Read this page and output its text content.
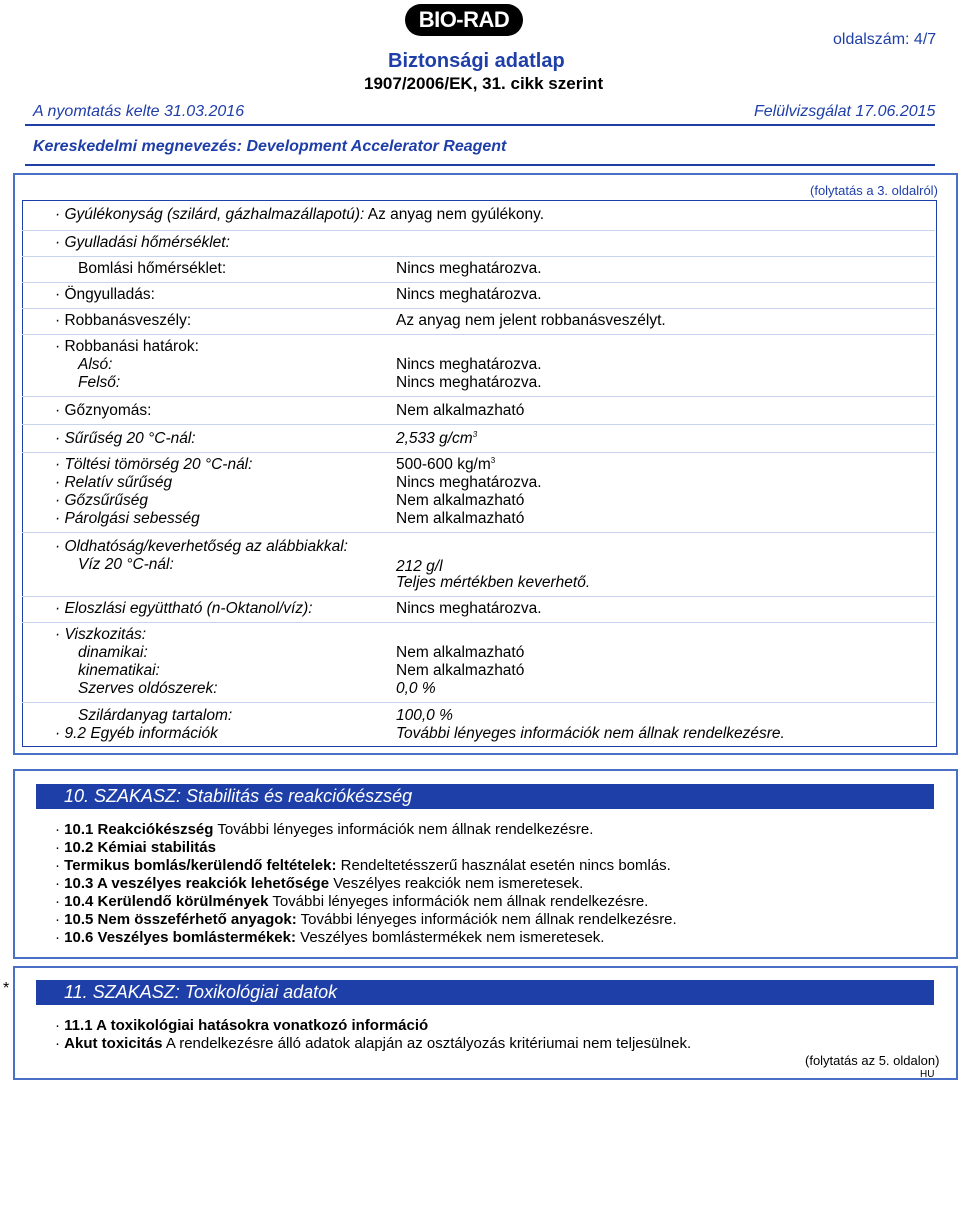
BIO-RAD
oldalszám: 4/7
Biztonsági adatlap
1907/2006/EK, 31. cikk szerint
A nyomtatás kelte 31.03.2016	Felülvizsgálat 17.06.2015
Kereskedelmi megnevezés: Development Accelerator Reagent
(folytatás a 3. oldalról)
· Gyúlékonyság (szilárd, gázhalmazállapotú): Az anyag nem gyúlékony.
· Gyulladási hőmérséklet:
Bomlási hőmérséklet:	Nincs meghatározva.
· Öngyulladás:	Nincs meghatározva.
· Robbanásveszély:	Az anyag nem jelent robbanásveszélyt.
· Robbanási határok:
Alsó:	Nincs meghatározva.
Felső:	Nincs meghatározva.
· Gőznyomás:	Nem alkalmazható
· Sűrűség 20 °C-nál:	2,533 $g/cm^3$
· Töltési tömörség 20 °C-nál:	500-600 $kg/m^3$
· Relatív sűrűség	Nincs meghatározva.
· Gőzsűrűség	Nem alkalmazható
· Párolgási sebesség	Nem alkalmazható
· Oldhatóság/keverhetőség az alábbiakkal:
Víz 20 °C-nál:	212 g/l
Teljes mértékben keverhető.
· Eloszlási együttható (n-Oktanol/víz):	Nincs meghatározva.
· Viszkozitás:
dinamikai:	Nem alkalmazható
kinematikai:	Nem alkalmazható
Szerves oldószerek:	0,0 %
Szilárdanyag tartalom:	100,0 %
· 9.2 Egyéb információk	További lényeges információk nem állnak rendelkezésre.
10. SZAKASZ: Stabilitás és reakciókészség
· 10.1 Reakciókészség További lényeges információk nem állnak rendelkezésre.
· 10.2 Kémiai stabilitás
· Termikus bomlás/kerülendő feltételek: Rendeltetésszerű használat esetén nincs bomlás.
· 10.3 A veszélyes reakciók lehetősége Veszélyes reakciók nem ismeretesek.
· 10.4 Kerülendő körülmények További lényeges információk nem állnak rendelkezésre.
· 10.5 Nem összeférhető anyagok: További lényeges információk nem állnak rendelkezésre.
· 10.6 Veszélyes bomlástermékek: Veszélyes bomlástermékek nem ismeretesek.
*	11. SZAKASZ: Toxikológiai adatok
· 11.1 A toxikológiai hatásokra vonatkozó információ
· Akut toxicitás A rendelkezésre álló adatok alapján az osztályozás kritériumai nem teljesülnek.
(folytatás az 5. oldalon)
HU
